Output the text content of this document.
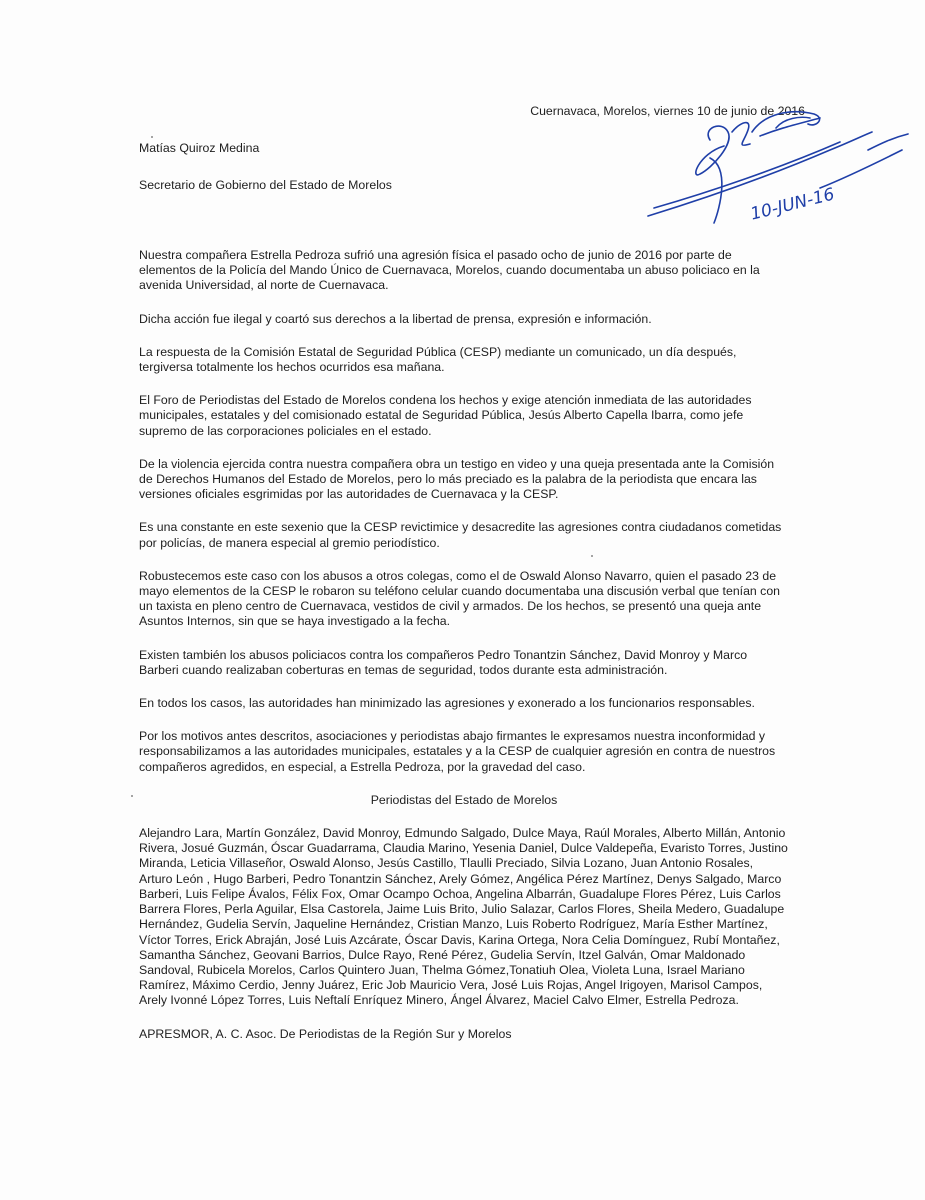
Cuernavaca, Morelos, viernes 10 de junio de 2016
10-JUN-16

Matías Quiroz Medina

Secretario de Gobierno del Estado de Morelos

Nuestra compañera Estrella Pedroza sufrió una agresión física el pasado ocho de junio de 2016 por parte de elementos de la Policía del Mando Único de Cuernavaca, Morelos, cuando documentaba un abuso policiaco en la avenida Universidad, al norte de Cuernavaca.

Dicha acción fue ilegal y coartó sus derechos a la libertad de prensa, expresión e información.

La respuesta de la Comisión Estatal de Seguridad Pública (CESP) mediante un comunicado, un día después, tergiversa totalmente los hechos ocurridos esa mañana.

El Foro de Periodistas del Estado de Morelos condena los hechos y exige atención inmediata de las autoridades municipales, estatales y del comisionado estatal de Seguridad Pública, Jesús Alberto Capella Ibarra, como jefe supremo de las corporaciones policiales en el estado.

De la violencia ejercida contra nuestra compañera obra un testigo en video y una queja presentada ante la Comisión de Derechos Humanos del Estado de Morelos, pero lo más preciado es la palabra de la periodista que encara las versiones oficiales esgrimidas por las autoridades de Cuernavaca y la CESP.

Es una constante en este sexenio que la CESP revictimice y desacredite las agresiones contra ciudadanos cometidas por policías, de manera especial al gremio periodístico.

Robustecemos este caso con los abusos a otros colegas, como el de Oswald Alonso Navarro, quien el pasado 23 de mayo elementos de la CESP le robaron su teléfono celular cuando documentaba una discusión verbal que tenían con un taxista en pleno centro de Cuernavaca, vestidos de civil y armados. De los hechos, se presentó una queja ante Asuntos Internos, sin que se haya investigado a la fecha.

Existen también los abusos policiacos contra los compañeros Pedro Tonantzin Sánchez, David Monroy y Marco Barberi cuando realizaban coberturas en temas de seguridad, todos durante esta administración.

En todos los casos, las autoridades han minimizado las agresiones y exonerado a los funcionarios responsables.

Por los motivos antes descritos, asociaciones y periodistas abajo firmantes le expresamos nuestra inconformidad y responsabilizamos a las autoridades municipales, estatales y a la CESP de cualquier agresión en contra de nuestros compañeros agredidos, en especial, a Estrella Pedroza, por la gravedad del caso.

Periodistas del Estado de Morelos

Alejandro Lara, Martín González, David Monroy, Edmundo Salgado, Dulce Maya, Raúl Morales, Alberto Millán, Antonio Rivera, Josué Guzmán, Óscar Guadarrama, Claudia Marino, Yesenia Daniel, Dulce Valdepeña, Evaristo Torres, Justino Miranda, Leticia Villaseñor, Oswald Alonso, Jesús Castillo, Tlaulli Preciado, Silvia Lozano, Juan Antonio Rosales, Arturo León , Hugo Barberi, Pedro Tonantzin Sánchez, Arely Gómez, Angélica Pérez Martínez, Denys Salgado, Marco Barberi, Luis Felipe Ávalos, Félix Fox, Omar Ocampo Ochoa, Angelina Albarrán, Guadalupe Flores Pérez, Luis Carlos Barrera Flores, Perla Aguilar, Elsa Castorela, Jaime Luis Brito, Julio Salazar, Carlos Flores, Sheila Medero, Guadalupe Hernández, Gudelia Servín, Jaqueline Hernández, Cristian Manzo, Luis Roberto Rodríguez, María Esther Martínez, Víctor Torres, Erick Abraján, José Luis Azcárate, Óscar Davis, Karina Ortega, Nora Celia Domínguez, Rubí Montañez, Samantha Sánchez, Geovani Barrios, Dulce Rayo, René Pérez, Gudelia Servín, Itzel Galván, Omar Maldonado Sandoval, Rubicela Morelos, Carlos Quintero Juan, Thelma Gómez,Tonatiuh Olea, Violeta Luna, Israel Mariano Ramírez, Máximo Cerdio, Jenny Juárez, Eric Job Mauricio Vera, José Luis Rojas, Angel Irigoyen, Marisol Campos, Arely Ivonné López Torres, Luis Neftalí Enríquez Minero, Ángel Álvarez, Maciel Calvo Elmer, Estrella Pedroza.

APRESMOR, A. C. Asoc. De Periodistas de la Región Sur y Morelos
